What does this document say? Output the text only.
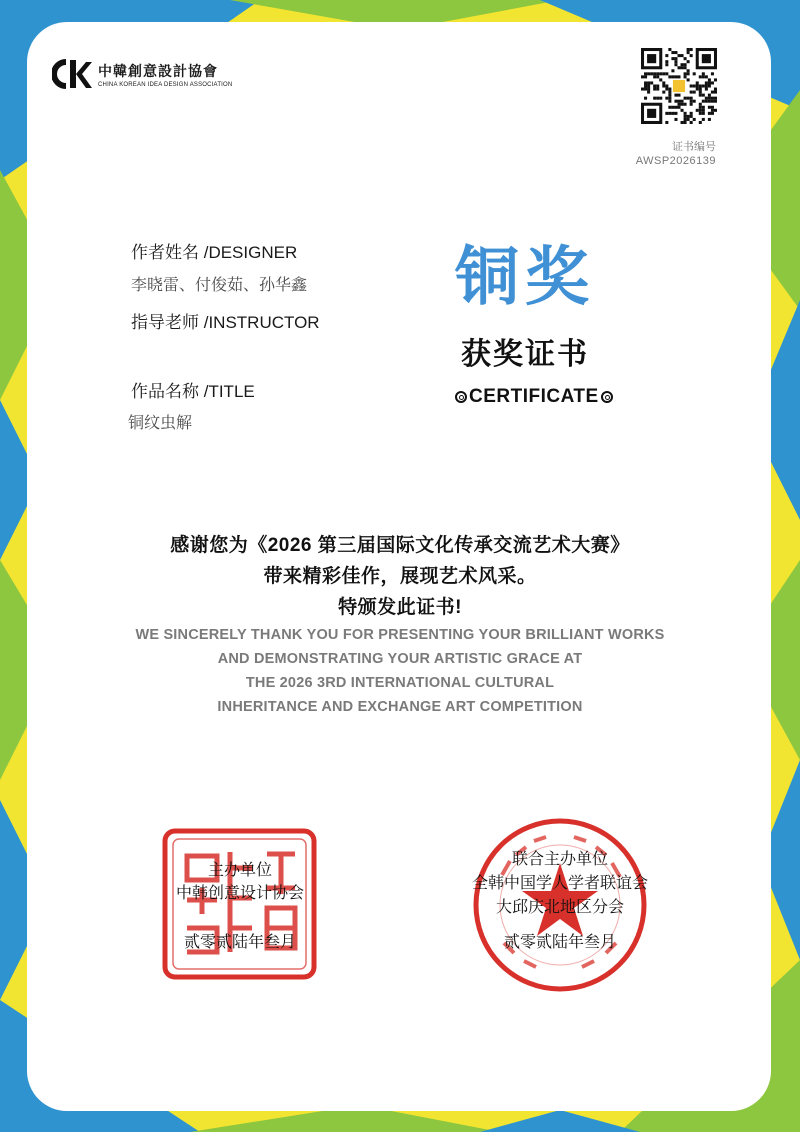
中韓創意設計協會
CHINA KOREAN IDEA DESIGN ASSOCIATION
证书编号
AWSP2026139
作者姓名 /DESIGNER
李晓雷、付俊茹、孙华鑫
指导老师 /INSTRUCTOR
作品名称 /TITLE
铜纹虫解
铜奖
获奖证书
CERTIFICATE
感谢您为《2026 第三届国际文化传承交流艺术大赛》
带来精彩佳作，展现艺术风采。
特颁发此证书!
WE SINCERELY THANK YOU FOR PRESENTING YOUR BRILLIANT WORKS
AND DEMONSTRATING YOUR ARTISTIC GRACE AT
THE 2026 3RD INTERNATIONAL CULTURAL
INHERITANCE AND EXCHANGE ART COMPETITION
主办单位
中韩创意设计协会
贰零贰陆年叁月
联合主办单位
全韩中国学人学者联谊会
大邱庆北地区分会
贰零贰陆年叁月
